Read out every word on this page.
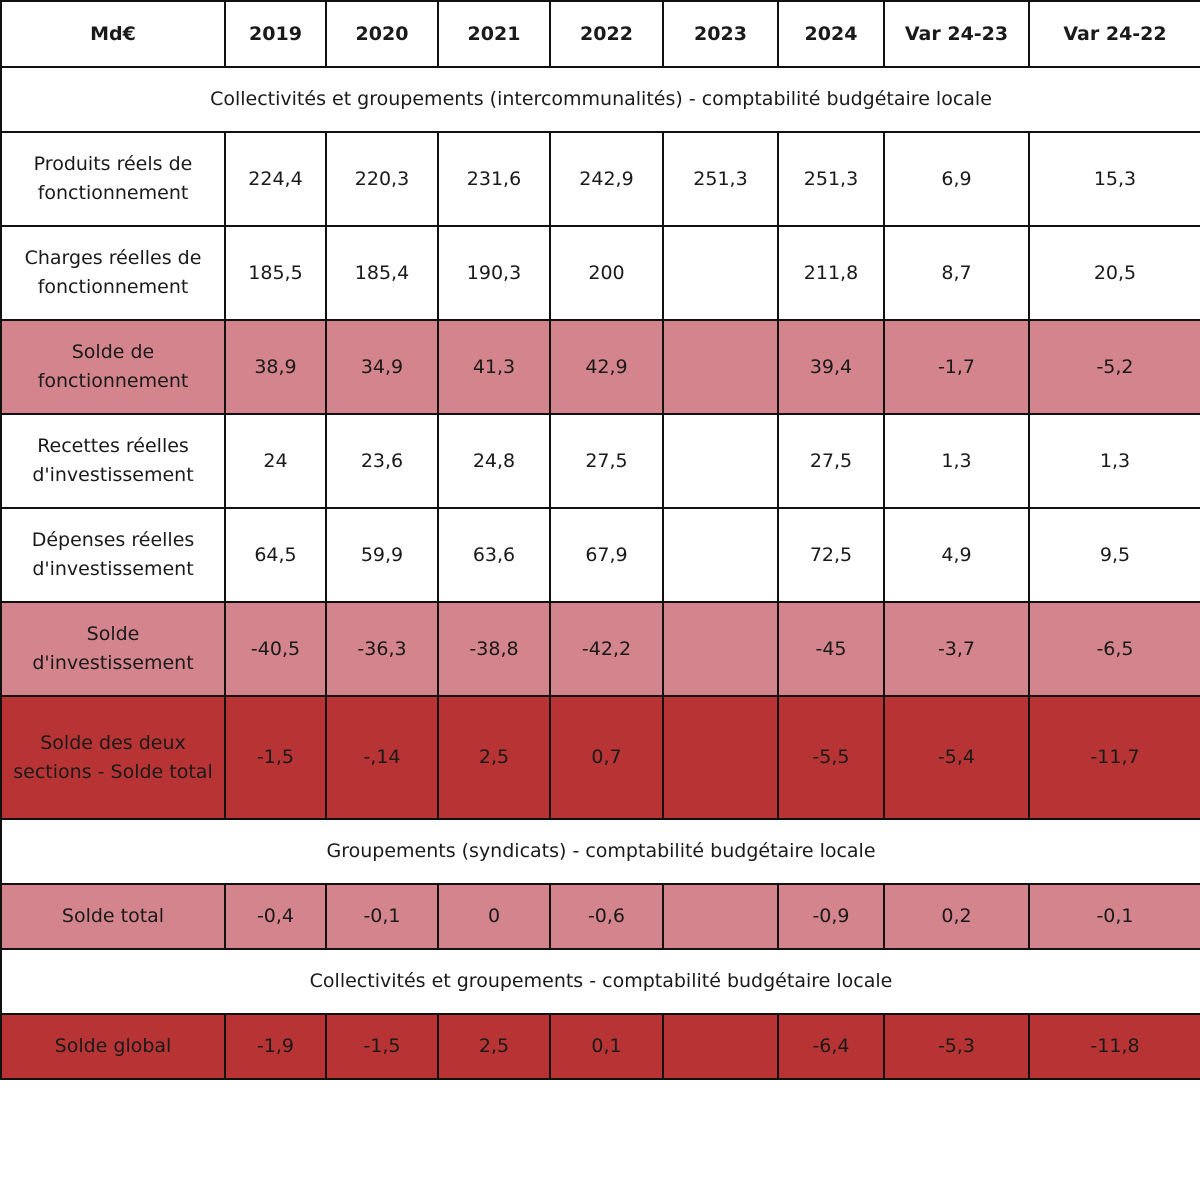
Md€	2019	2020	2021	2022	2023	2024	Var 24-23	Var 24-22
Collectivités et groupements (intercommunalités) - comptabilité budgétaire locale								
Produits réels de fonctionnement	224,4	220,3	231,6	242,9	251,3	251,3	6,9	15,3
Charges réelles de fonctionnement	185,5	185,4	190,3	200		211,8	8,7	20,5
Solde de fonctionnement	38,9	34,9	41,3	42,9		39,4	-1,7	-5,2
Recettes réelles d'investissement	24	23,6	24,8	27,5		27,5	1,3	1,3
Dépenses réelles d'investissement	64,5	59,9	63,6	67,9		72,5	4,9	9,5
Solde d'investissement	-40,5	-36,3	-38,8	-42,2		-45	-3,7	-6,5
Solde des deux sections - Solde total	-1,5	-,14	2,5	0,7		-5,5	-5,4	-11,7
Groupements (syndicats) - comptabilité budgétaire locale								
Solde total	-0,4	-0,1	0	-0,6		-0,9	0,2	-0,1
Collectivités et groupements - comptabilité budgétaire locale								
Solde global	-1,9	-1,5	2,5	0,1		-6,4	-5,3	-11,8
